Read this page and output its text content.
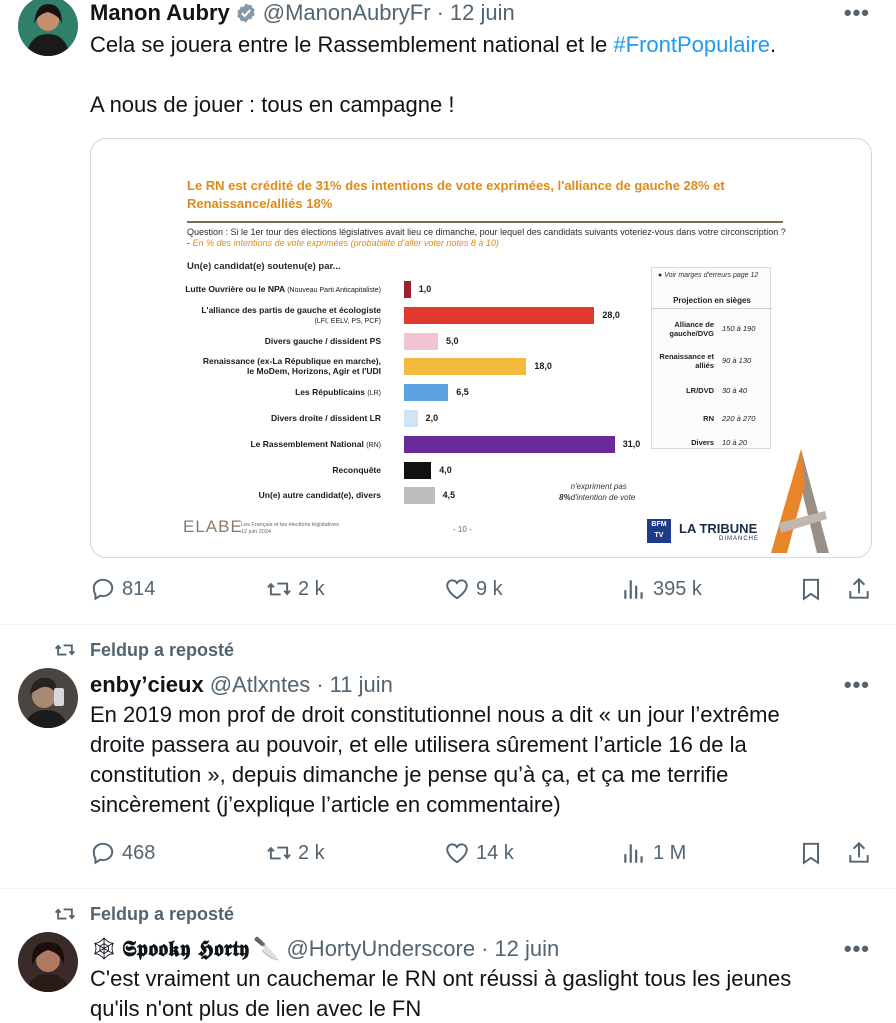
Manon Aubry @ManonAubryFr · 12 juin	•••
Cela se jouera entre le Rassemblement national et le #FrontPopulaire.
A nous de jouer : tous en campagne !
Le RN est crédité de 31% des intentions de vote exprimées, l'alliance de gauche 28% et Renaissance/alliés 18%
Question : Si le 1er tour des élections législatives avait lieu ce dimanche, pour lequel des candidats suivants voteriez-vous dans votre circonscription ? - En % des intentions de vote exprimées (probabilité d'aller voter notes 8 à 10)
Un(e) candidat(e) soutenu(e) par...
Lutte Ouvrière ou le NPA (Nouveau Parti Anticapitaliste)	1,0
L'alliance des partis de gauche et écologiste
(LFI, EELV, PS, PCF)
28,0
Divers gauche / dissident PS	5,0
Renaissance (ex-La République en marche),
le MoDem, Horizons, Agir et l'UDI	18,0
Les Républicains (LR)	6,5
Divers droite / dissident LR	2,0
Le Rassemblement National (RN)	31,0
Reconquête	4,0
Un(e) autre candidat(e), divers	4,5
● Voir marges d'erreurs page 12
Projection en sièges
Alliance de gauche/DVG
150 à 190
Renaissance et alliés
90 à 130
LR/DVD 30 à 40
RN 220 à 270
Divers 10 à 20
8%n'expriment pas d'intention de vote
ELABE
Les Français et les élections législatives
12 juin 2024	- 10 -
BFM TV	LA TRIBUNE
DIMANCHE
814	2 k	9 k	395 k
Feldup a reposté
enby’cieux @Atlxntes · 11 juin	•••
En 2019 mon prof de droit constitutionnel nous a dit « un jour l’extrême
droite passera au pouvoir, et elle utilisera sûrement l’article 16 de la
constitution », depuis dimanche je pense qu’à ça, et ça me terrifie
sincèrement (j’explique l’article en commentaire)
468	2 k	14 k	1 M
Feldup a reposté
🕸 𝕾𝖕𝖔𝖔𝖐𝖞 𝕳𝖔𝖗𝖙𝖞 🔪 @HortyUnderscore · 12 juin	•••
C'est vraiment un cauchemar le RN ont réussi à gaslight tous les jeunes
qu'ils n'ont plus de lien avec le FN
